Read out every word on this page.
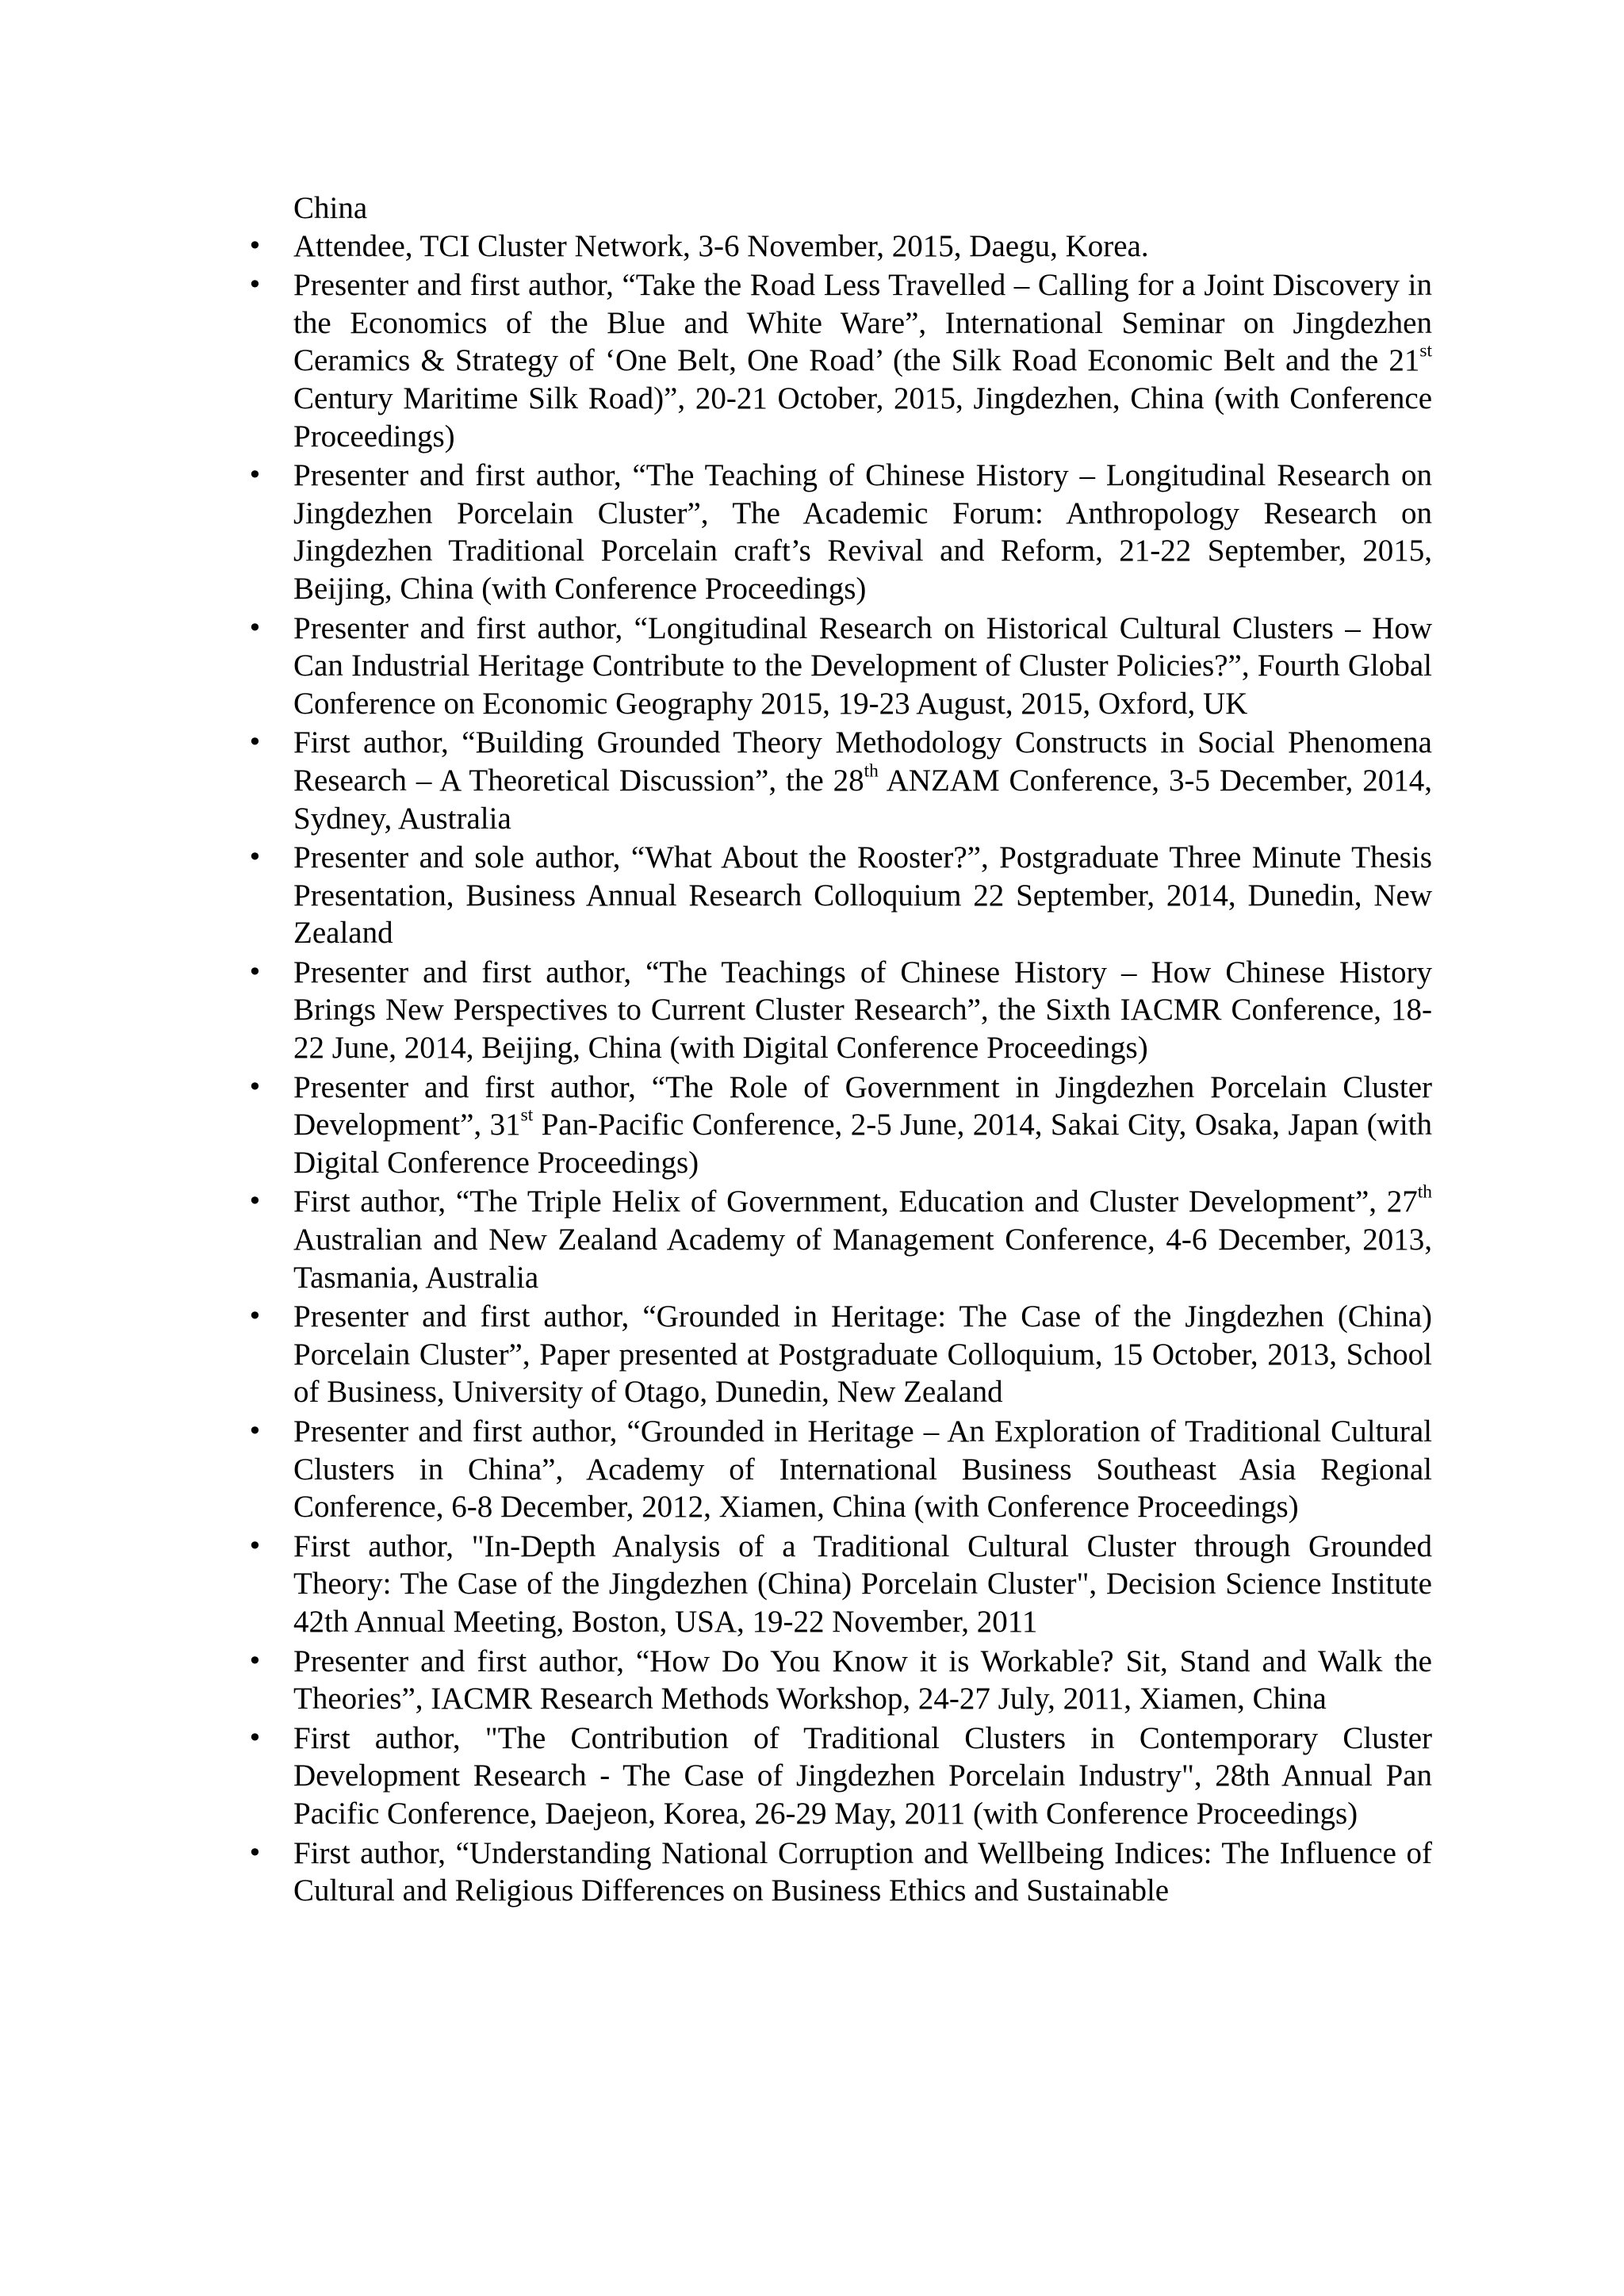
China

• Attendee, TCI Cluster Network, 3-6 November, 2015, Daegu, Korea.
• Presenter and first author, “Take the Road Less Travelled – Calling for a Joint Discovery in the Economics of the Blue and White Ware”, International Seminar on Jingdezhen Ceramics & Strategy of ‘One Belt, One Road’ (the Silk Road Economic Belt and the 21st Century Maritime Silk Road)”, 20-21 October, 2015, Jingdezhen, China (with Conference Proceedings)
• Presenter and first author, “The Teaching of Chinese History – Longitudinal Research on Jingdezhen Porcelain Cluster”, The Academic Forum: Anthropology Research on Jingdezhen Traditional Porcelain craft’s Revival and Reform, 21-22 September, 2015, Beijing, China (with Conference Proceedings)
• Presenter and first author, “Longitudinal Research on Historical Cultural Clusters – How Can Industrial Heritage Contribute to the Development of Cluster Policies?”, Fourth Global Conference on Economic Geography 2015, 19-23 August, 2015, Oxford, UK
• First author, “Building Grounded Theory Methodology Constructs in Social Phenomena Research – A Theoretical Discussion”, the 28th ANZAM Conference, 3-5 December, 2014, Sydney, Australia
• Presenter and sole author, “What About the Rooster?”, Postgraduate Three Minute Thesis Presentation, Business Annual Research Colloquium 22 September, 2014, Dunedin, New Zealand
• Presenter and first author, “The Teachings of Chinese History – How Chinese History Brings New Perspectives to Current Cluster Research”, the Sixth IACMR Conference, 18-22 June, 2014, Beijing, China (with Digital Conference Proceedings)
• Presenter and first author, “The Role of Government in Jingdezhen Porcelain Cluster Development”, 31st Pan-Pacific Conference, 2-5 June, 2014, Sakai City, Osaka, Japan (with Digital Conference Proceedings)
• First author, “The Triple Helix of Government, Education and Cluster Development”, 27th Australian and New Zealand Academy of Management Conference, 4-6 December, 2013, Tasmania, Australia
• Presenter and first author, “Grounded in Heritage: The Case of the Jingdezhen (China) Porcelain Cluster”, Paper presented at Postgraduate Colloquium, 15 October, 2013, School of Business, University of Otago, Dunedin, New Zealand
• Presenter and first author, “Grounded in Heritage – An Exploration of Traditional Cultural Clusters in China”, Academy of International Business Southeast Asia Regional Conference, 6-8 December, 2012, Xiamen, China (with Conference Proceedings)
• First author, "In-Depth Analysis of a Traditional Cultural Cluster through Grounded Theory: The Case of the Jingdezhen (China) Porcelain Cluster", Decision Science Institute 42th Annual Meeting, Boston, USA, 19-22 November, 2011
• Presenter and first author, “How Do You Know it is Workable? Sit, Stand and Walk the Theories”, IACMR Research Methods Workshop, 24-27 July, 2011, Xiamen, China
• First author, "The Contribution of Traditional Clusters in Contemporary Cluster Development Research - The Case of Jingdezhen Porcelain Industry", 28th Annual Pan Pacific Conference, Daejeon, Korea, 26-29 May, 2011 (with Conference Proceedings)
• First author, “Understanding National Corruption and Wellbeing Indices: The Influence of Cultural and Religious Differences on Business Ethics and Sustainable
